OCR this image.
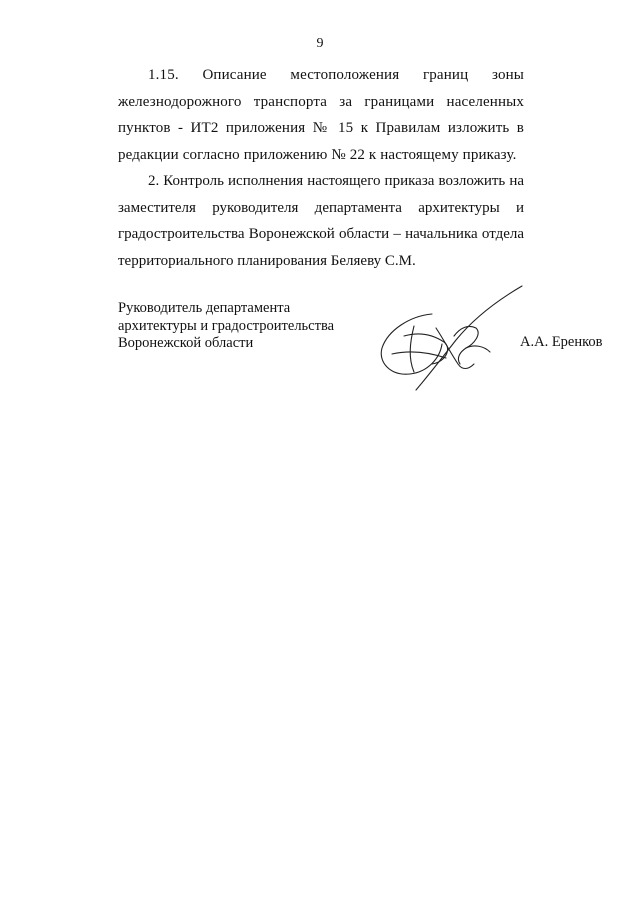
9

1.15. Описание местоположения границ зоны железнодорожного транспорта за границами населенных пунктов - ИТ2 приложения № 15 к Правилам изложить в редакции согласно приложению № 22 к настоящему приказу.

2. Контроль исполнения настоящего приказа возложить на заместителя руководителя департамента архитектуры и градостроительства Воронежской области – начальника отдела территориального планирования Беляеву С.М.

Руководитель департамента
архитектуры и градостроительства
Воронежской области	А.А. Еренков
